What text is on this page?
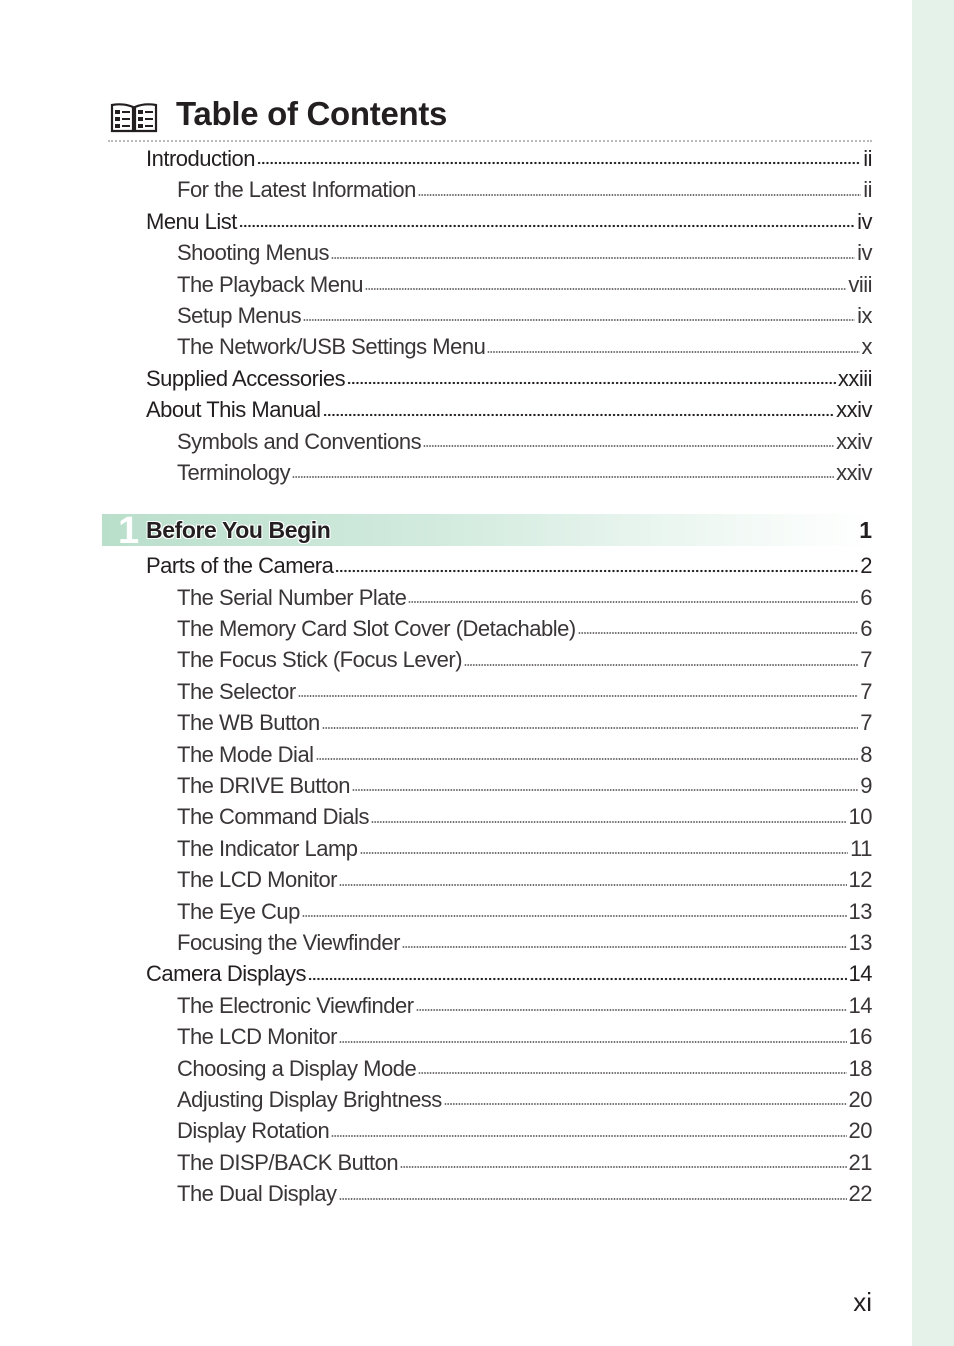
Table of Contents
Introduction	ii
For the Latest Information	ii
Menu List	iv
Shooting Menus	iv
The Playback Menu	viii
Setup Menus	ix
The Network/USB Settings Menu	x
Supplied Accessories	xxiii
About This Manual	xxiv
Symbols and Conventions	xxiv
Terminology	xxiv
1 Before You Begin	1
Parts of the Camera	2
The Serial Number Plate	6
The Memory Card Slot Cover (Detachable)	6
The Focus Stick (Focus Lever)	7
The Selector	7
The WB Button	7
The Mode Dial	8
The DRIVE Button	9
The Command Dials	10
The Indicator Lamp	11
The LCD Monitor	12
The Eye Cup	13
Focusing the Viewfinder	13
Camera Displays	14
The Electronic Viewfinder	14
The LCD Monitor	16
Choosing a Display Mode	18
Adjusting Display Brightness	20
Display Rotation	20
The DISP/BACK Button	21
The Dual Display	22
xi
